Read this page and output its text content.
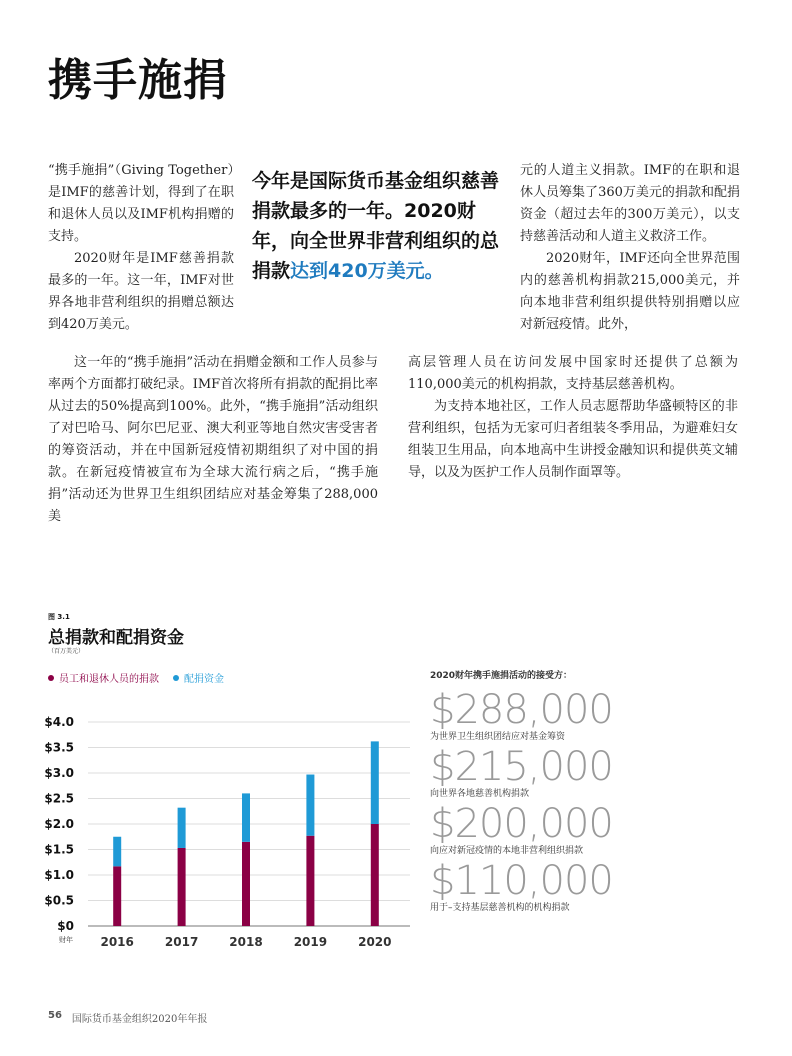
携手施捐

“携手施捐”（Giving Together）是IMF的慈善计划，得到了在职和退休人员以及IMF机构捐赠的支持。

2020财年是IMF慈善捐款最多的一年。这一年，IMF对世界各地非营利组织的捐赠总额达到420万美元。

这一年的“携手施捐”活动在捐赠金额和工作人员参与率两个方面都打破纪录。IMF首次将所有捐款的配捐比率从过去的50%提高到100%。此外，“携手施捐”活动组织了对巴哈马、阿尔巴尼亚、澳大利亚等地自然灾害受害者的筹资活动，并在中国新冠疫情初期组织了对中国的捐款。在新冠疫情被宣布为全球大流行病之后，“携手施捐”活动还为世界卫生组织团结应对基金筹集了288,000美

今年是国际货币基金组织慈善捐款最多的一年。2020财年，向全世界非营利组织的总捐款达到420万美元。

元的人道主义捐款。IMF的在职和退休人员筹集了360万美元的捐款和配捐资金（超过去年的300万美元），以支持慈善活动和人道主义救济工作。

2020财年，IMF还向全世界范围内的慈善机构捐款215,000美元，并向本地非营利组织提供特别捐赠以应对新冠疫情。此外，

高层管理人员在访问发展中国家时还提供了总额为110,000美元的机构捐款，支持基层慈善机构。

为支持本地社区，工作人员志愿帮助华盛顿特区的非营利组织，包括为无家可归者组装冬季用品，为避难妇女组装卫生用品，向本地高中生讲授金融知识和提供英文辅导，以及为医护工作人员制作面罩等。

图 3.1
总捐款和配捐资金
（百万美元）
员工和退休人员的捐款	配捐资金
$0
$0.5
$1.0
$1.5
$2.0
$2.5
$3.0
$3.5
$4.0
2016	2017	2018	2019	2020
财年
2020财年携手施捐活动的接受方：
$288,000
为世界卫生组织团结应对基金筹资
$215,000
向世界各地慈善机构捐款
$200,000
向应对新冠疫情的本地非营利组织捐款
$110,000
用于–支持基层慈善机构的机构捐款
56 国际货币基金组织2020年年报
